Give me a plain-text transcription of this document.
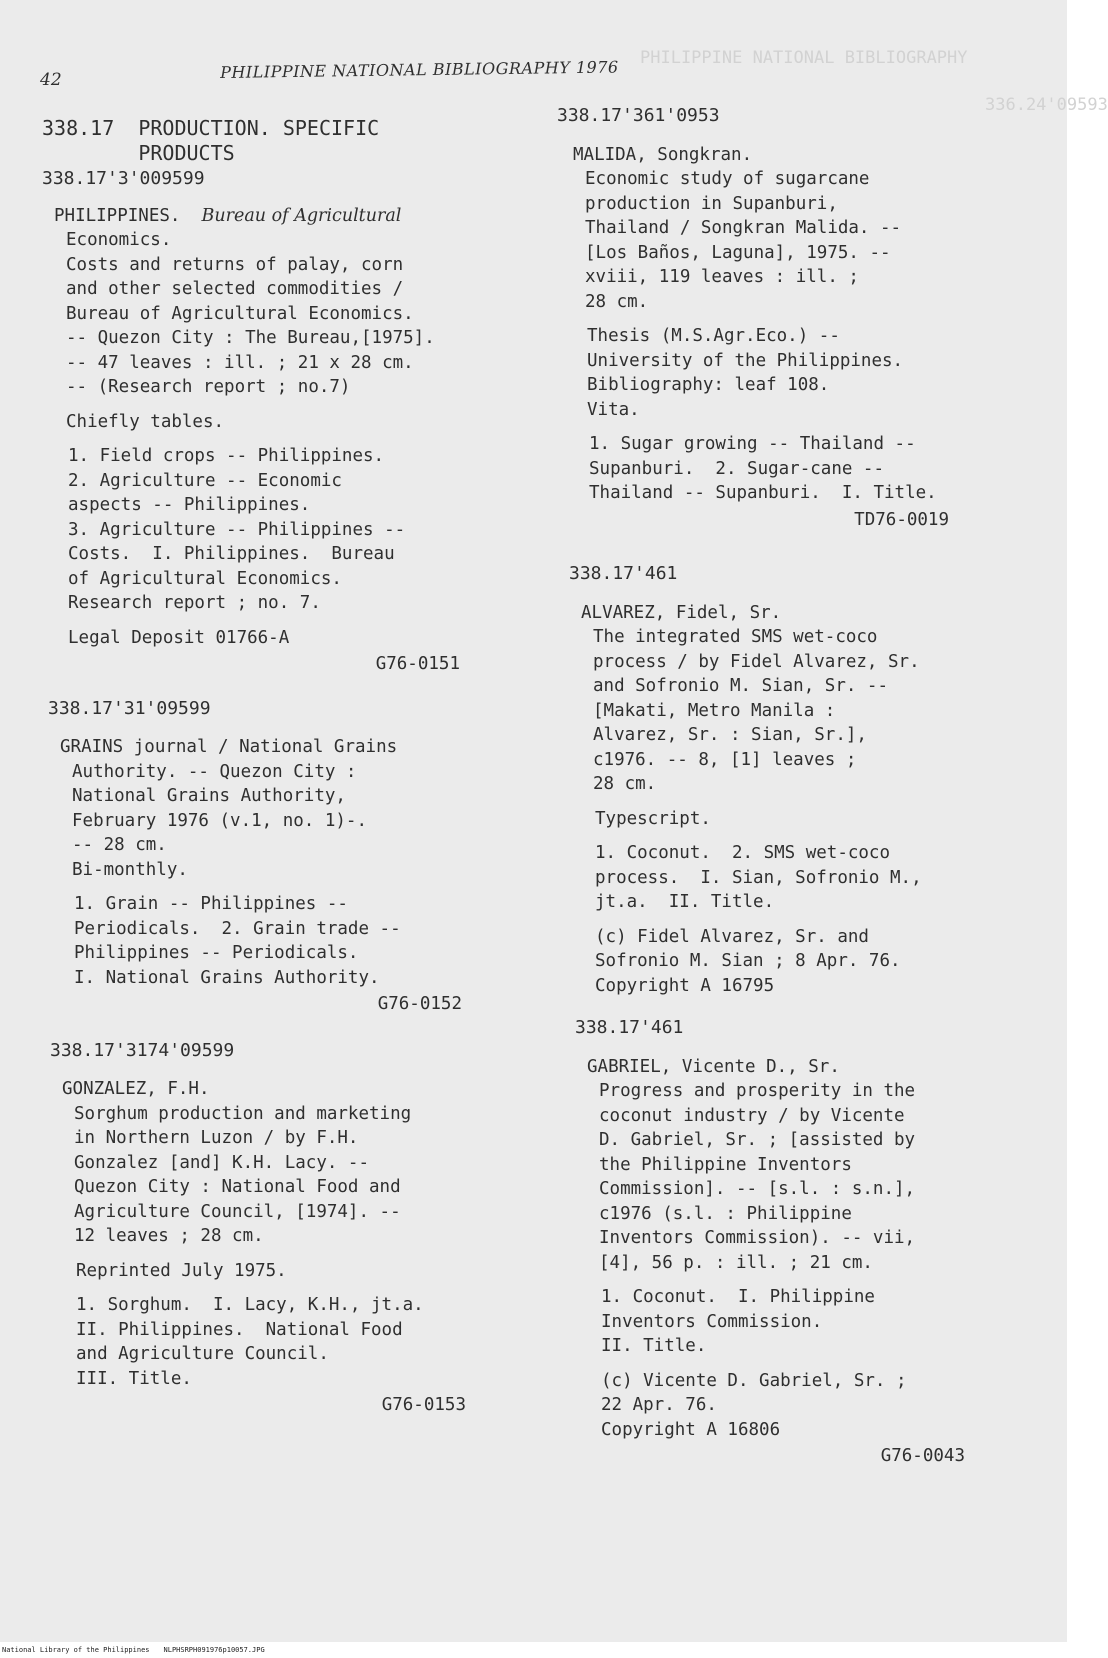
PHILIPPINE NATIONAL BIBLIOGRAPHY
336.24'09593
42	PHILIPPINE NATIONAL BIBLIOGRAPHY 1976
338.17  PRODUCTION. SPECIFIC
PRODUCTS
338.17'3'009599
PHILIPPINES. Bureau of Agricultural
Economics.
Costs and returns of palay, corn
and other selected commodities /
Bureau of Agricultural Economics.
-- Quezon City : The Bureau,[1975].
-- 47 leaves : ill. ; 21 x 28 cm.
-- (Research report ; no.7)
Chiefly tables.
1. Field crops -- Philippines.
2. Agriculture -- Economic
aspects -- Philippines.
3. Agriculture -- Philippines --
Costs.  I. Philippines.  Bureau
of Agricultural Economics.
Research report ; no. 7.
Legal Deposit 01766-A
G76-0151
338.17'31'09599
GRAINS journal / National Grains
Authority. -- Quezon City :
National Grains Authority,
February 1976 (v.1, no. 1)-.
-- 28 cm.
Bi-monthly.
1. Grain -- Philippines --
Periodicals.  2. Grain trade --
Philippines -- Periodicals.
I. National Grains Authority.
G76-0152
338.17'3174'09599
GONZALEZ, F.H.
Sorghum production and marketing
in Northern Luzon / by F.H.
Gonzalez [and] K.H. Lacy. --
Quezon City : National Food and
Agriculture Council, [1974]. --
12 leaves ; 28 cm.
Reprinted July 1975.
1. Sorghum.  I. Lacy, K.H., jt.a.
II. Philippines.  National Food
and Agriculture Council.
III. Title.
G76-0153
338.17'361'0953
MALIDA, Songkran.
Economic study of sugarcane
production in Supanburi,
Thailand / Songkran Malida. --
[Los Baños, Laguna], 1975. --
xviii, 119 leaves : ill. ;
28 cm.
Thesis (M.S.Agr.Eco.) --
University of the Philippines.
Bibliography: leaf 108.
Vita.
1. Sugar growing -- Thailand --
Supanburi.  2. Sugar-cane --
Thailand -- Supanburi.  I. Title.
TD76-0019
338.17'461
ALVAREZ, Fidel, Sr.
The integrated SMS wet-coco
process / by Fidel Alvarez, Sr.
and Sofronio M. Sian, Sr. --
[Makati, Metro Manila :
Alvarez, Sr. : Sian, Sr.],
c1976. -- 8, [1] leaves ;
28 cm.
Typescript.
1. Coconut.  2. SMS wet-coco
process.  I. Sian, Sofronio M.,
jt.a.  II. Title.
(c) Fidel Alvarez, Sr. and
Sofronio M. Sian ; 8 Apr. 76.
Copyright A 16795
338.17'461
GABRIEL, Vicente D., Sr.
Progress and prosperity in the
coconut industry / by Vicente
D. Gabriel, Sr. ; [assisted by
the Philippine Inventors
Commission]. -- [s.l. : s.n.],
c1976 (s.l. : Philippine
Inventors Commission). -- vii,
[4], 56 p. : ill. ; 21 cm.
1. Coconut.  I. Philippine
Inventors Commission.
II. Title.
(c) Vicente D. Gabriel, Sr. ;
22 Apr. 76.
Copyright A 16806
G76-0043
National Library of the Philippines NLPHSRPH091976p10057.JPG
